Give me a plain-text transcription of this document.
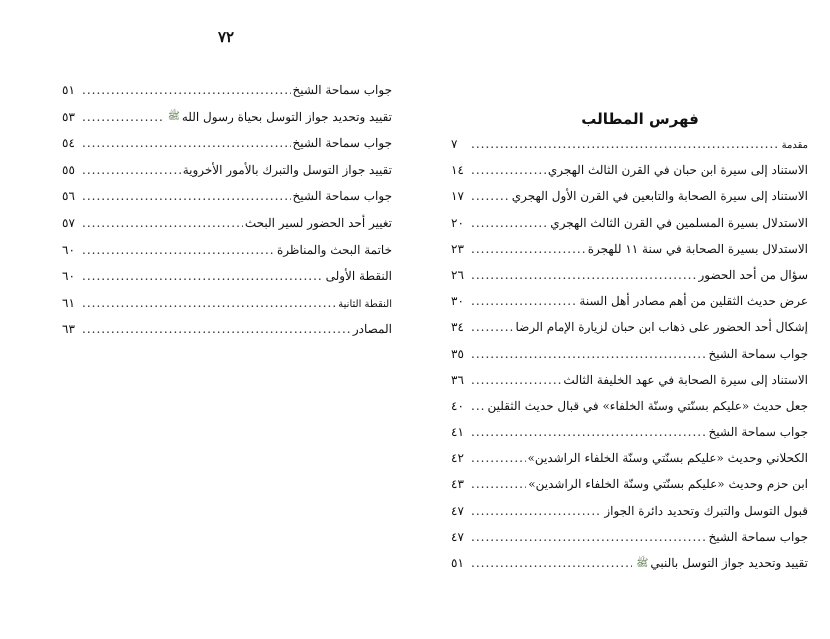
٧٢
جواب سماحة الشيخ
.....
٥١
تقييد وتحديد جواز التوسل بحياة رسول اللهﷺ
.....
٥٣
جواب سماحة الشيخ
.....
٥٤
تقييد جواز التوسل والتبرك بالأمور الأخروية
.....
٥٥
جواب سماحة الشيخ
.....
٥٦
تغيير أحد الحضور لسير البحث
.....
٥٧
خاتمة البحث والمناظرة
.....
٦٠
النقطة الأولى
.....
٦٠
النقطة الثانية
.....
٦١
المصادر
.....
٦٣
فهرس المطالب
مقدمة
.....
٧
الاستناد إلى سيرة ابن حبان في القرن الثالث الهجري
.....
١٤
الاستناد إلى سيرة الصحابة والتابعين في القرن الأول الهجري
.....
١٧
الاستدلال بسيرة المسلمين في القرن الثالث الهجري
.....
٢٠
الاستدلال بسيرة الصحابة في سنة ١١ للهجرة
.....
٢٣
سؤال من أحد الحضور
.....
٢٦
عرض حديث الثقلين من أهم مصادر أهل السنة
.....
٣٠
إشكال أحد الحضور على ذهاب ابن حبان لزيارة الإمام الرضا
.....
٣٤
جواب سماحة الشيخ
.....
٣٥
الاستناد إلى سيرة الصحابة في عهد الخليفة الثالث
.....
٣٦
جعل حديث «عليكم بسنّتي وسنّة الخلفاء» في قبال حديث الثقلين
.....
٤٠
جواب سماحة الشيخ
.....
٤١
الكحلاني وحديث «عليكم بسنّتي وسنّة الخلفاء الراشدين»
.....
٤٢
ابن حزم وحديث «عليكم بسنّتي وسنّة الخلفاء الراشدين»
.....
٤٣
قبول التوسل والتبرك وتحديد دائرة الجواز
.....
٤٧
جواب سماحة الشيخ
.....
٤٧
تقييد وتحديد جواز التوسل بالنبيﷺ
.....
٥١
